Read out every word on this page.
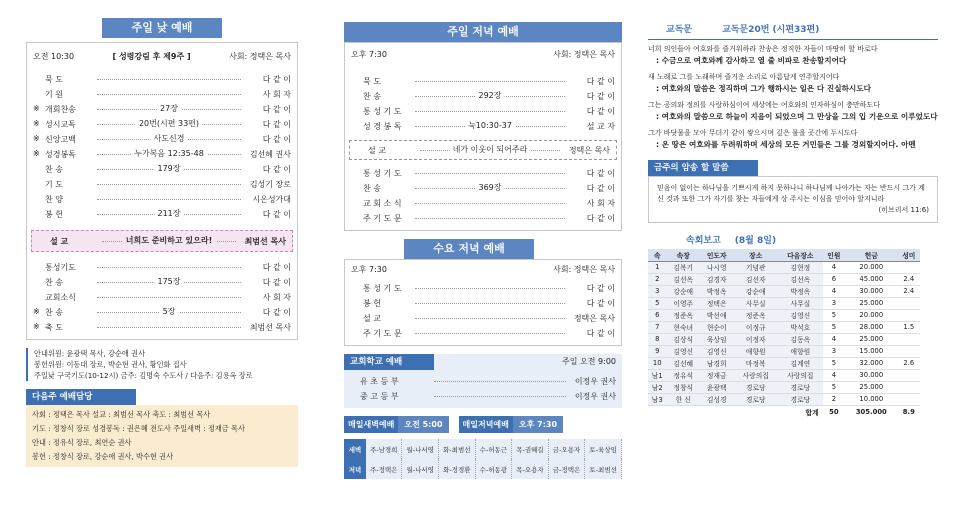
주일 낮 예배
오전 10:30	[ 성령강림 후 제9주 ]	사회: 정택은 목사
묵 도	다 같 이
기 원	사 회 자
※ 개회찬송	27장	다 같 이
※ 성시교독	20번(시편 33편)	다 같 이
※ 신앙고백	사도신경	다 같 이
※ 성경봉독	누가복음 12:35-48	김선혜 권사
찬 송	179장	다 같 이
기 도	김성기 장로
찬 양	시온성가대
봉 헌	211장	다 같 이
설 교	너희도 준비하고 있으라!	최범선 목사
통성기도	다 같 이
찬 송	175장	다 같 이
교회소식	사 회 자
※ 찬 송	5장	다 같 이
※ 축 도	최범선 목사
안내위원: 윤광택 목사, 강순애 권사
봉헌위원: 이동대 장로, 박순현 권사, 황인화 집사
주일낮 구국기도(10-12시) 금주: 김명숙 수도사 / 다음주: 김용옥 장로
다음주 예배담당
사회 : 정택은 목사 설교 : 최범선 목사 축도 : 최범선 목사
기도 : 정창식 장로 성경봉독 : 권은혜 전도사 주일새벽 : 정재금 목사
안내 : 정유식 장로, 최연순 권사
봉헌 : 정창식 장로, 강순애 권사, 박수현 권사
주일 저녁 예배
오후 7:30	사회: 정택은 목사
묵 도	다 같 이
찬 송	292장	다 같 이
통 성 기 도	다 같 이
성 경 봉 독	눅10:30-37	설 교 자
설 교	네가 이웃이 되어주라	정택은 목사
통 성 기 도	다 같 이
찬 송	369장	다 같 이
교 회 소 식	사 회 자
주 기 도 문	다 같 이
수요 저녁 예배
오후 7:30	사회: 정택은 목사
통 성 기 도	다 같 이
봉 헌	다 같 이
설 교	정택은 목사
주 기 도 문	다 같 이
교회학교 예배	주일 오전 9:00
유 초 등 부	이정우 권사
중 고 등 부	이정우 권사
매일새벽예배	오전 5:00	매일저녁예배	오후 7:30
새벽	주-남경희	월-나서영	화-최범선	수-허동근	목-권혜길	금-오용자	토-육상임
저녁	주-정택은	월-나서영	화-정경환	수-허동광	목-오용자	금-정택은	토-최범선
교독문	교독문20번 (시편33편)
너희 의인들아 여호와를 즐거워하라 찬송은 정직한 자들이 마땅히 할 바로다
: 수금으로 여호와께 감사하고 열 줄 비파로 찬송할지어다
새 노래로 그를 노래하며 즐거운 소리로 아름답게 연주할지어다
: 여호와의 말씀은 정직하며 그가 행하시는 일은 다 진실하시도다
그는 공의와 정의를 사랑하심이여 세상에는 여호와의 인자하심이 충만하도다
: 여호와의 말씀으로 하늘이 지음이 되었으며 그 만상을 그의 입 기운으로 이루었도다
그가 바닷물을 모아 무더기 같이 쌓으시며 깊은 물을 곳간에 두시도다
: 온 땅은 여호와를 두려워하며 세상의 모든 거민들은 그를 경외할지어다. 아멘
금주의 암송 할 말씀
믿음이 없이는 하나님을 기쁘시게 하지 못하나니 하나님께 나아가는 자는 반드시 그가 계신 것과 또한 그가 자기를 찾는 자들에게 상 주시는 이심을 믿어야 할지니라
(히브리서 11:6)
속회보고 (8월 8일)
속	속장	인도자	장소	다음장소	인원	헌금	성미
1	김복기	나시영	기념관	김현정	4	20.000	
2	김선옥	김경자	김선자	김선옥	6	45.000	2.4
3	강순애	박정옥	강순애	박정옥	4	30.000	2.4
5	이영주	정택은	사무실	사무실	3	25.000	
6	정준옥	박선애	정준옥	김영신	5	20.000	
7	현숙녀	현순이	이정규	박석호	5	28.000	1.5
8	김상식	육상임	이정자	김동옥	4	25.000	
9	김영신	김영신	애향원	애향원	3	15.000	
10	김선혜	남경희	마정복	김계연	5	32.000	2.6
남1	정유식	정재금	사랑의집	사랑의집	4	30.000	
남2	정창식	윤광택	경로당	경로당	5	25.000	
남3	한 신	김성경	경로당	경로당	2	10.000	
합계					50	305.000	8.9
